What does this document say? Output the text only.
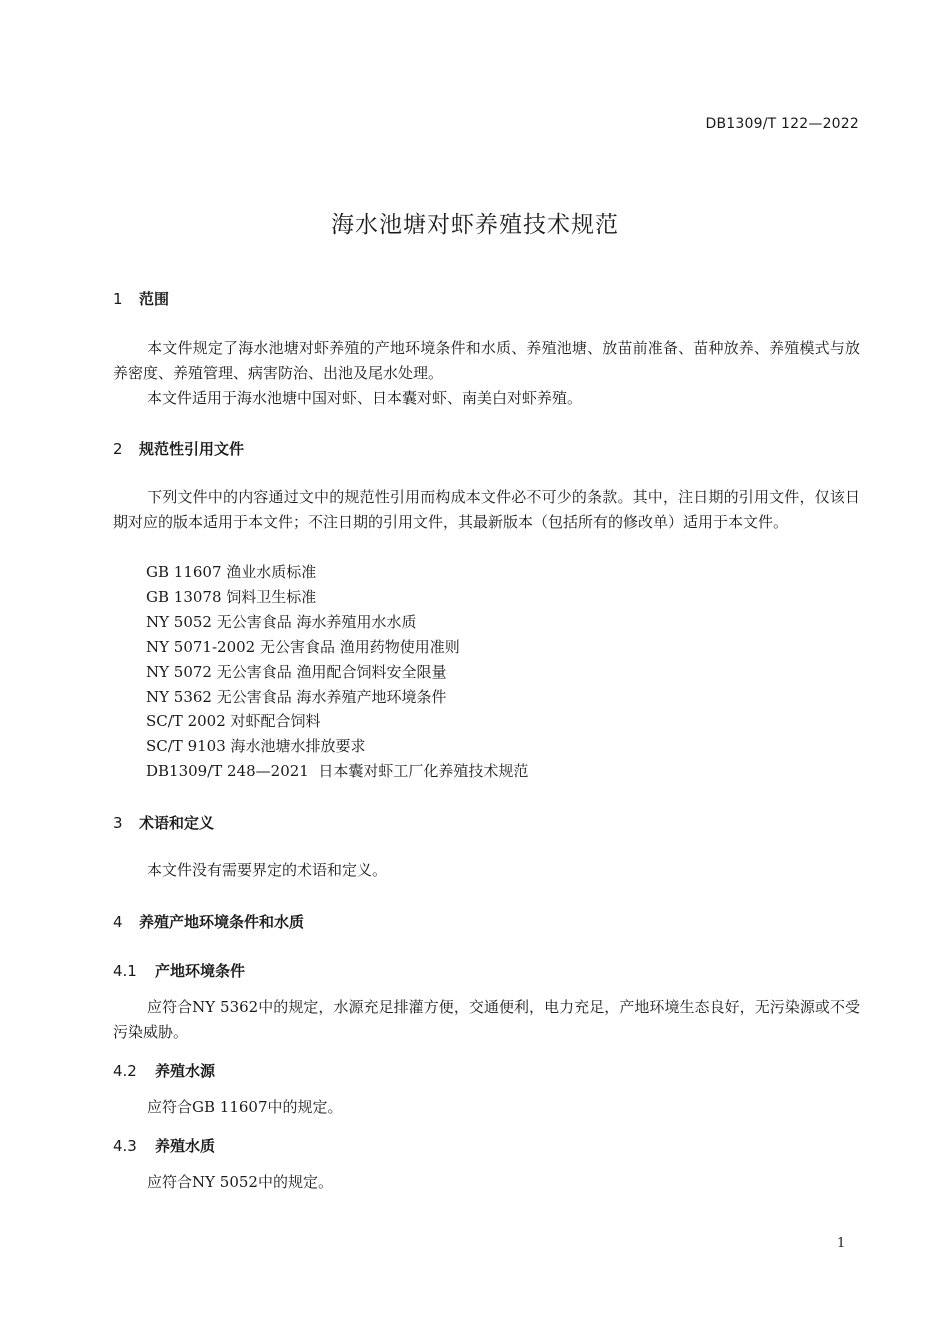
DB1309/T 122—2022
海水池塘对虾养殖技术规范
1 范围
本文件规定了海水池塘对虾养殖的产地环境条件和水质、养殖池塘、放苗前准备、苗种放养、养殖模式与放养密度、养殖管理、病害防治、出池及尾水处理。
本文件适用于海水池塘中国对虾、日本囊对虾、南美白对虾养殖。
2 规范性引用文件
下列文件中的内容通过文中的规范性引用而构成本文件必不可少的条款。其中，注日期的引用文件，仅该日期对应的版本适用于本文件；不注日期的引用文件，其最新版本（包括所有的修改单）适用于本文件。
GB 11607 渔业水质标准
GB 13078 饲料卫生标准
NY 5052 无公害食品 海水养殖用水水质
NY 5071-2002 无公害食品 渔用药物使用准则
NY 5072 无公害食品 渔用配合饲料安全限量
NY 5362 无公害食品 海水养殖产地环境条件
SC/T 2002 对虾配合饲料
SC/T 9103 海水池塘水排放要求
DB1309/T 248—2021  日本囊对虾工厂化养殖技术规范
3 术语和定义
本文件没有需要界定的术语和定义。
4 养殖产地环境条件和水质
4.1 产地环境条件
应符合NY 5362中的规定，水源充足排灌方便，交通便利，电力充足，产地环境生态良好，无污染源或不受污染威胁。
4.2 养殖水源
应符合GB 11607中的规定。
4.3 养殖水质
应符合NY 5052中的规定。
1
